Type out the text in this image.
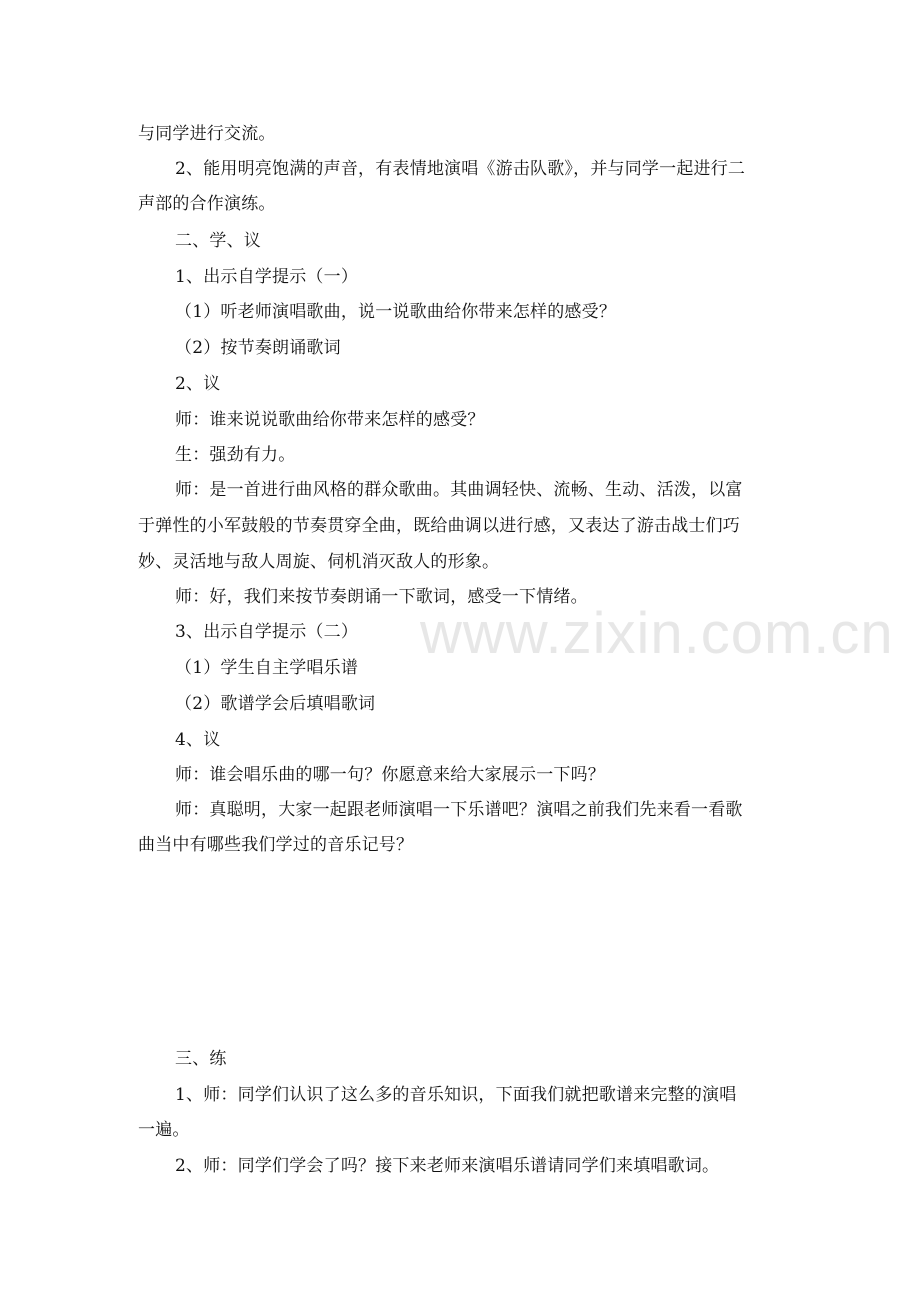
www.zixin.com.cn
与同学进行交流。
2、能用明亮饱满的声音，有表情地演唱《游击队歌》，并与同学一起进行二
声部的合作演练。
二、学、议
1、出示自学提示（一）
（1）听老师演唱歌曲，说一说歌曲给你带来怎样的感受？
（2）按节奏朗诵歌词
2、议
师：谁来说说歌曲给你带来怎样的感受？
生：强劲有力。
师：是一首进行曲风格的群众歌曲。其曲调轻快、流畅、生动、活泼，以富
于弹性的小军鼓般的节奏贯穿全曲，既给曲调以进行感，又表达了游击战士们巧
妙、灵活地与敌人周旋、伺机消灭敌人的形象。
师：好，我们来按节奏朗诵一下歌词，感受一下情绪。
3、出示自学提示（二）
（1）学生自主学唱乐谱
（2）歌谱学会后填唱歌词
4、议
师：谁会唱乐曲的哪一句？你愿意来给大家展示一下吗？
师：真聪明，大家一起跟老师演唱一下乐谱吧？演唱之前我们先来看一看歌
曲当中有哪些我们学过的音乐记号？
三、练
1、师：同学们认识了这么多的音乐知识，下面我们就把歌谱来完整的演唱
一遍。
2、师：同学们学会了吗？接下来老师来演唱乐谱请同学们来填唱歌词。
